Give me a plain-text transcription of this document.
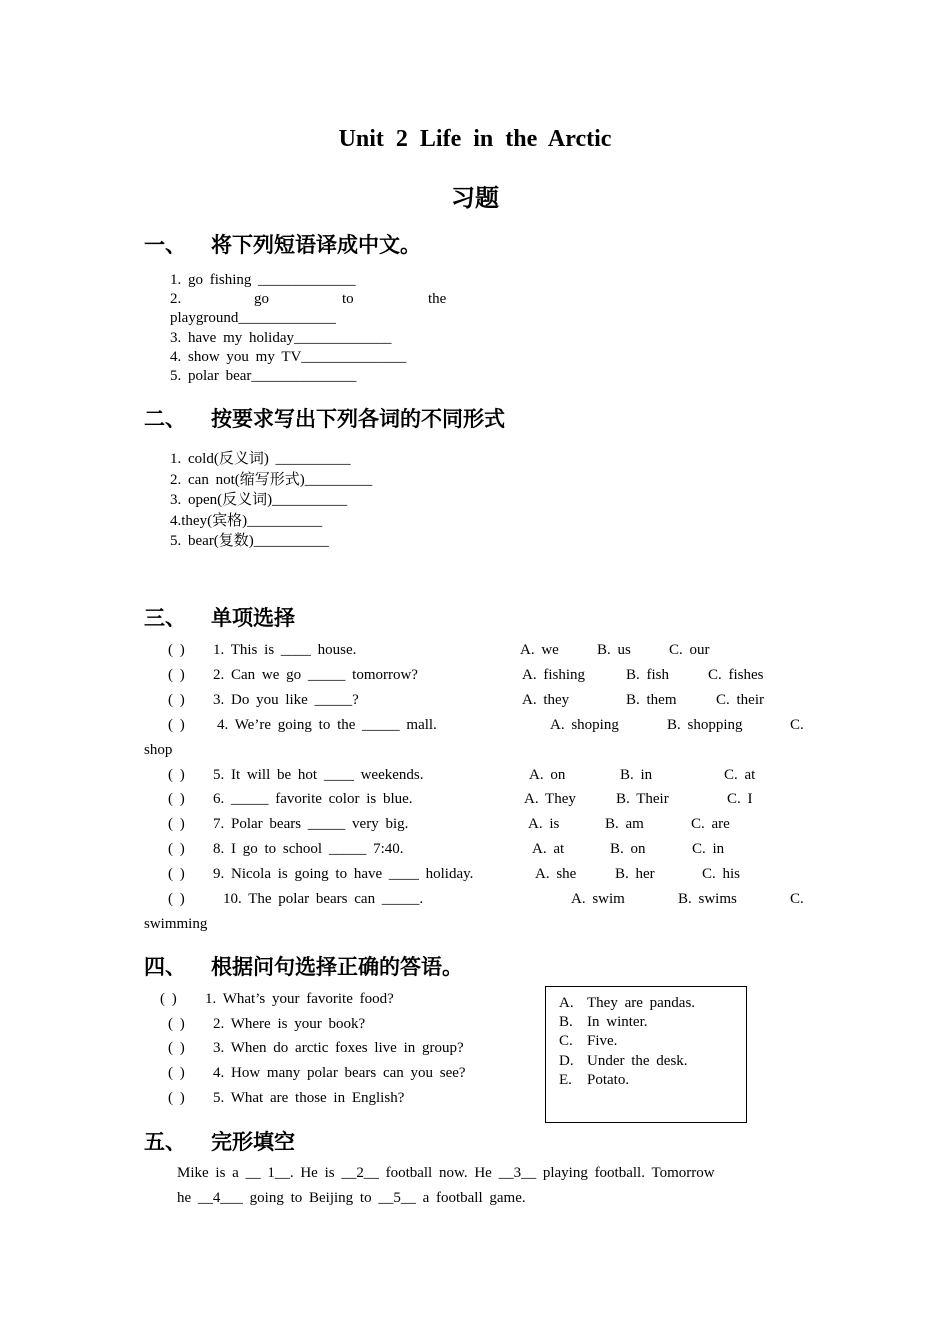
Unit 2 Life in the Arctic
习题
一、 将下列短语译成中文。
1. go fishing _____________
2.	go	to	the
playground_____________
3. have my holiday_____________
4. show you my TV______________
5. polar bear______________
二、 按要求写出下列各词的不同形式
1. cold(反义词) __________
2. can not(缩写形式)_________
3. open(反义词)__________
4.they(宾格)__________
5. bear(复数)__________
三、 单项选择
( ) 1. This is ____ house.	A. we	B. us	C. our
( ) 2. Can we go _____ tomorrow?	A. fishing	B. fish	C. fishes
( ) 3. Do you like _____?	A. they	B. them	C. their
( ) 4. We’re going to the _____ mall.	A. shoping	B. shopping	C.
shop
( ) 5. It will be hot ____ weekends.	A. on	B. in	C. at
( ) 6. _____ favorite color is blue.	A. They	B. Their	C. I
( ) 7. Polar bears _____ very big.	A. is	B. am	C. are
( ) 8. I go to school _____ 7:40.	A. at	B. on	C. in
( ) 9. Nicola is going to have ____ holiday.	A. she	B. her	C. his
( )	10. The polar bears can _____.	A. swim	B. swims	C.
swimming
四、 根据问句选择正确的答语。
( ) 1. What’s your favorite food?
( ) 2. Where is your book?
( ) 3. When do arctic foxes live in group?
( ) 4. How many polar bears can you see?
( ) 5. What are those in English?
A. They are pandas.
B. In winter.
C. Five.
D. Under the desk.
E. Potato.
五、 完形填空
Mike is a __ 1__. He is __2__ football now. He __3__ playing football. Tomorrow
he __4___ going to Beijing to __5__ a football game.
